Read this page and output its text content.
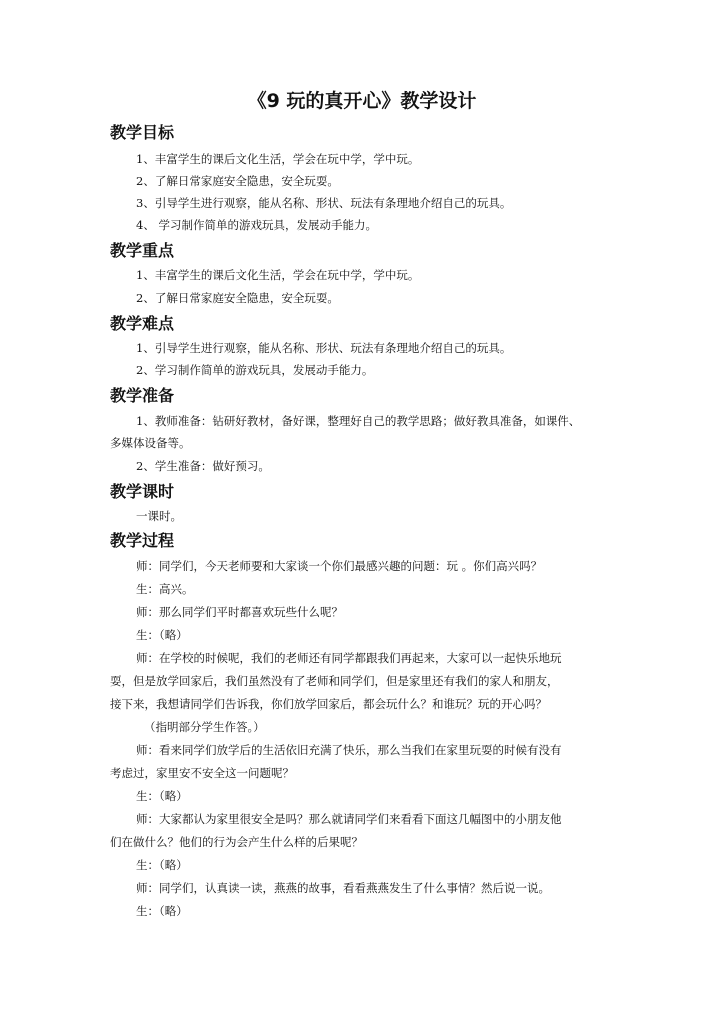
《9 玩的真开心》教学设计
教学目标
1、丰富学生的课后文化生活，学会在玩中学，学中玩。
2、了解日常家庭安全隐患，安全玩耍。
3、引导学生进行观察，能从名称、形状、玩法有条理地介绍自己的玩具。
4、 学习制作简单的游戏玩具，发展动手能力。
教学重点
1、丰富学生的课后文化生活，学会在玩中学，学中玩。
2、了解日常家庭安全隐患，安全玩耍。
教学难点
1、引导学生进行观察，能从名称、形状、玩法有条理地介绍自己的玩具。
2、学习制作简单的游戏玩具，发展动手能力。
教学准备
1、教师准备：钻研好教材，备好课，整理好自己的教学思路；做好教具准备，如课件、
多媒体设备等。
2、学生准备：做好预习。
教学课时
一课时。
教学过程
师：同学们，今天老师要和大家谈一个你们最感兴趣的问题：玩 。你们高兴吗？
生：高兴。
师：那么同学们平时都喜欢玩些什么呢？
生：（略）
师：在学校的时候呢，我们的老师还有同学都跟我们再起来，大家可以一起快乐地玩
耍，但是放学回家后，我们虽然没有了老师和同学们，但是家里还有我们的家人和朋友，
接下来，我想请同学们告诉我，你们放学回家后，都会玩什么？和谁玩？玩的开心吗？
（指明部分学生作答。）
师：看来同学们放学后的生活依旧充满了快乐，那么当我们在家里玩耍的时候有没有
考虑过，家里安不安全这一问题呢？
生：（略）
师：大家都认为家里很安全是吗？那么就请同学们来看看下面这几幅图中的小朋友他
们在做什么？他们的行为会产生什么样的后果呢？
生：（略）
师：同学们，认真读一读，燕燕的故事，看看燕燕发生了什么事情？然后说一说。
生：（略）
